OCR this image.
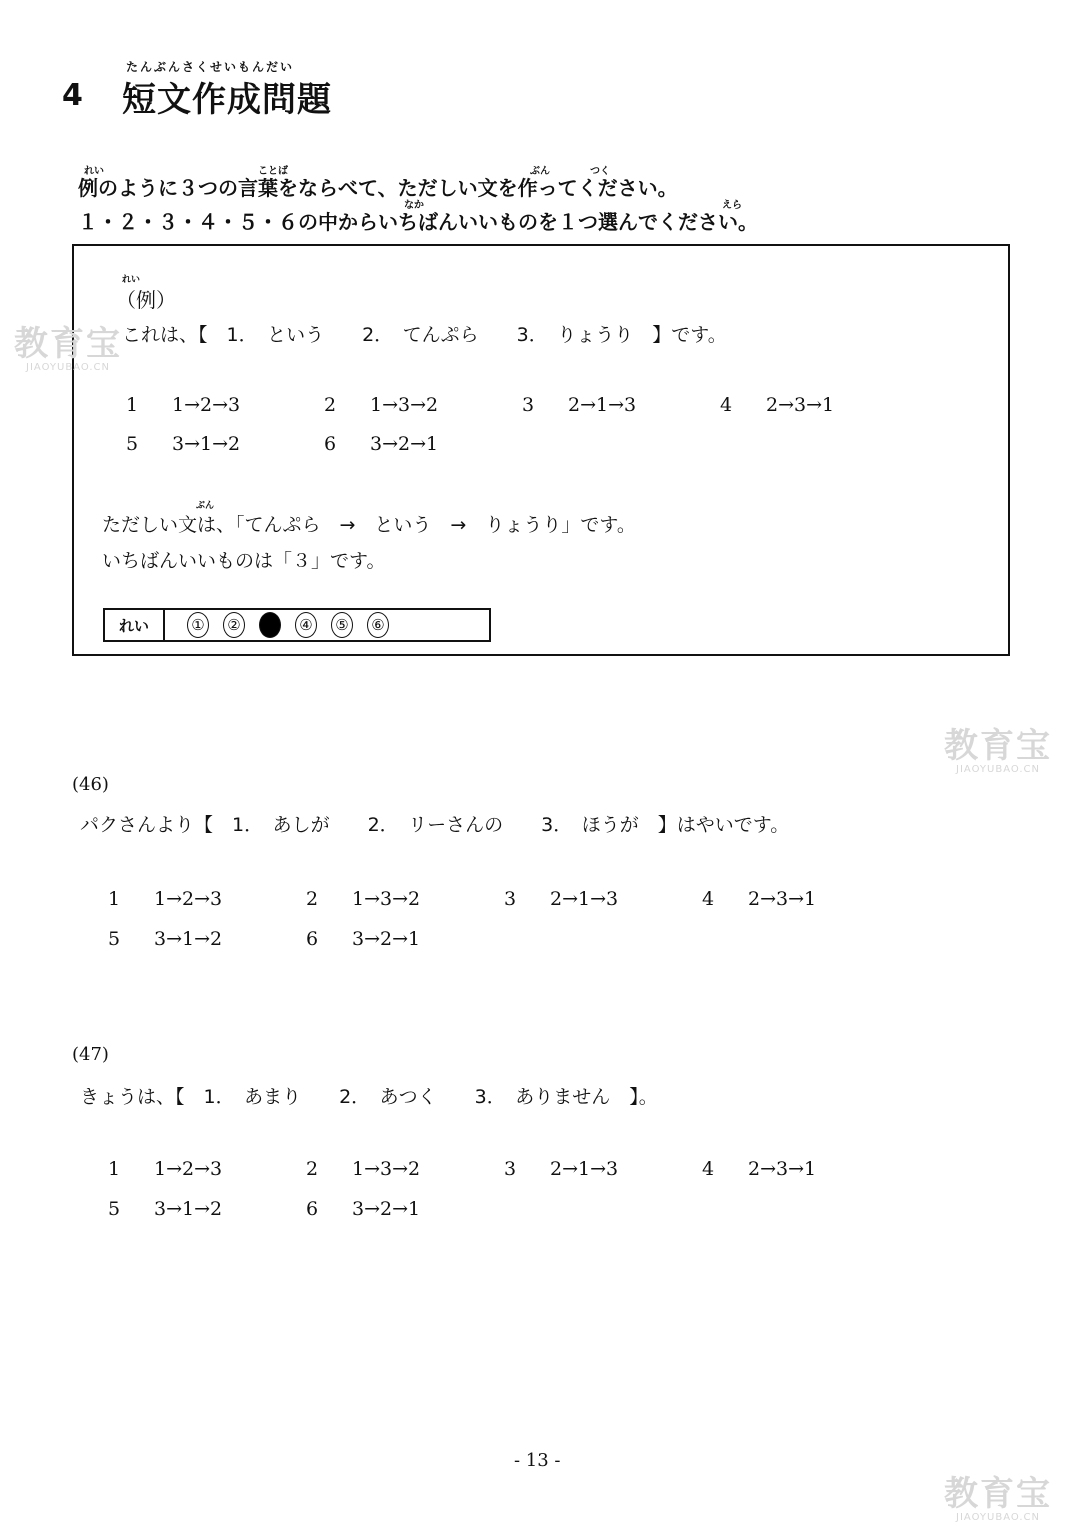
4
たんぶんさくせいもんだい
短文作成問題
れい	ことば	ぶん	つく
例のように３つの言葉をならべて、ただしい文を作ってください。
なか	えら
１・２・３・４・５・６の中からいちばんいいものを１つ選んでください。
れい
（例）
これは、【　1．　という　　2．　てんぷら　　3．　りょうり　】です。
1 1→2→3	2 1→3→2	3 2→1→3	4 2→3→1
5 3→1→2	6 3→2→1
ぶん
ただしい文は、「てんぷら　→　という　→　りょうり」です。
いちばんいいものは「３」です。
れい	① ② ③ ④ ⑤ ⑥
(46)
パクさんより【　1．　あしが　　2．　リーさんの　　3．　ほうが　】はやいです。
1 1→2→3	2 1→3→2	3 2→1→3	4 2→3→1
5 3→1→2	6 3→2→1
(47)
きょうは、【　1．　あまり　　2．　あつく　　3．　ありません　】。
1 1→2→3	2 1→3→2	3 2→1→3	4 2→3→1
5 3→1→2	6 3→2→1
- 13 -
教育宝
JIAOYUBAO.CN
教育宝
JIAOYUBAO.CN
教育宝
JIAOYUBAO.CN
